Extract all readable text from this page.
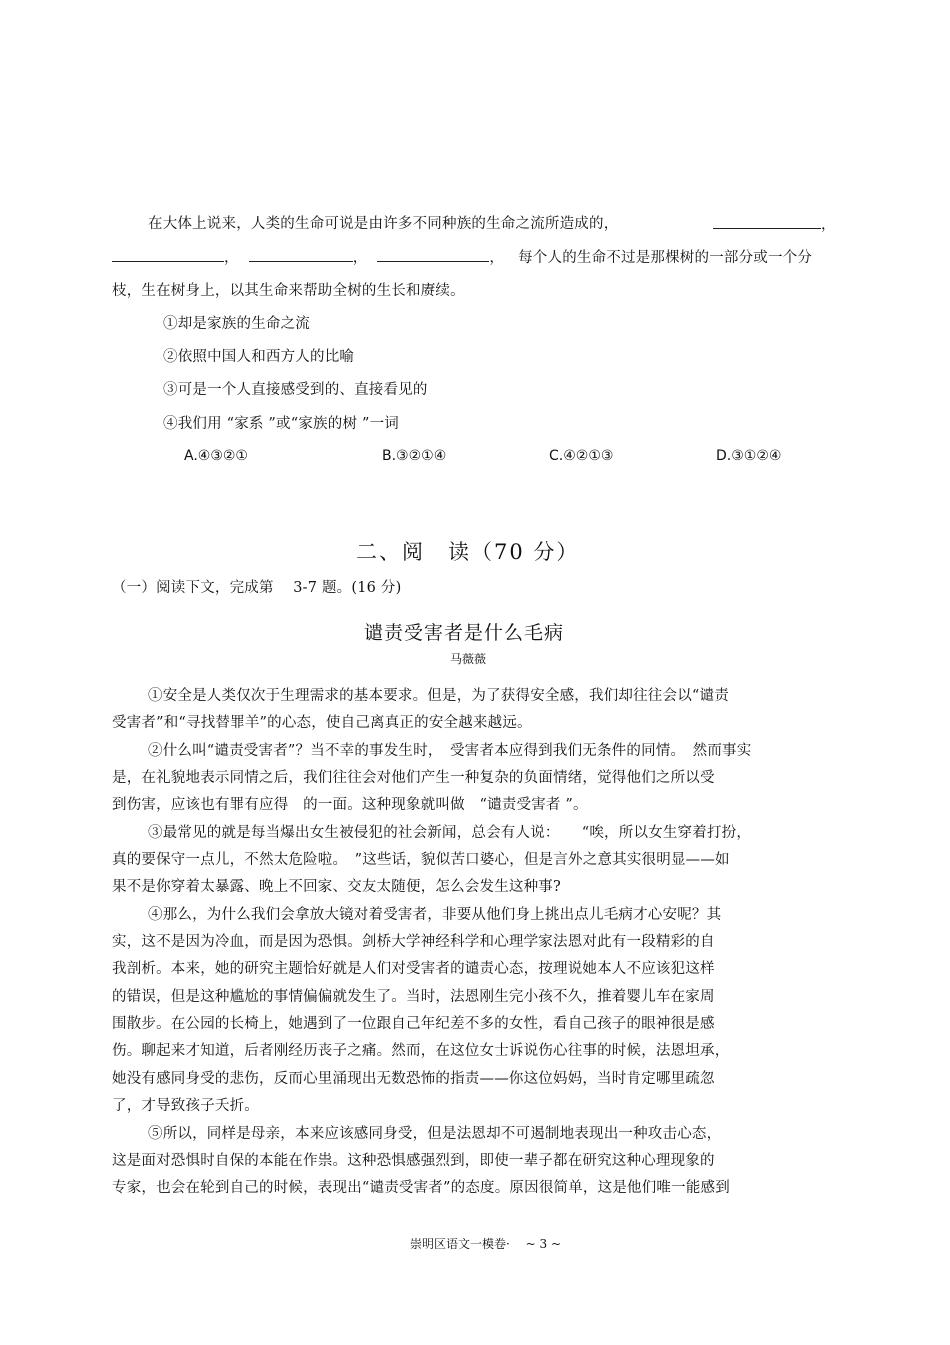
在大体上说来，人类的生命可说是由许多不同种族的生命之流所造成的，	，
，	，	， 每个人的生命不过是那棵树的一部分或一个分
枝，生在树身上，以其生命来帮助全树的生长和赓续。
①却是家族的生命之流
②依照中国人和西方人的比喻
③可是一个人直接感受到的、直接看见的
④我们用 “家系 ”或“家族的树 ”一词
A.④③②①	B.③②①④	C.④②①③	D.③①②④
二、阅　读（70 分）
（一）阅读下文，完成第　 3-7 题。(16 分)
谴责受害者是什么毛病
马薇薇
①安全是人类仅次于生理需求的基本要求。但是，为了获得安全感，我们却往往会以“谴责
受害者”和“寻找替罪羊”的心态，使自己离真正的安全越来越远。
②什么叫“谴责受害者”？当不幸的事发生时，　受害者本应得到我们无条件的同情。　然而事实
是，在礼貌地表示同情之后，我们往往会对他们产生一种复杂的负面情绪，觉得他们之所以受
到伤害，应该也有罪有应得　的一面。这种现象就叫做　“谴责受害者 ”。
③最常见的就是每当爆出女生被侵犯的社会新闻，总会有人说：　　“唉，所以女生穿着打扮，
真的要保守一点儿，不然太危险啦。　”这些话，貌似苦口婆心，但是言外之意其实很明显——如
果不是你穿着太暴露、晚上不回家、交友太随便，怎么会发生这种事?
④那么，为什么我们会拿放大镜对着受害者，非要从他们身上挑出点儿毛病才心安呢？其
实，这不是因为冷血，而是因为恐惧。剑桥大学神经科学和心理学家法恩对此有一段精彩的自
我剖析。本来，她的研究主题恰好就是人们对受害者的谴责心态，按理说她本人不应该犯这样
的错误，但是这种尴尬的事情偏偏就发生了。当时，法恩刚生完小孩不久，推着婴儿车在家周
围散步。在公园的长椅上，她遇到了一位跟自己年纪差不多的女性，看自己孩子的眼神很是感
伤。聊起来才知道，后者刚经历丧子之痛。然而，在这位女士诉说伤心往事的时候，法恩坦承，
她没有感同身受的悲伤，反而心里涌现出无数恐怖的指责——你这位妈妈，当时肯定哪里疏忽
了，才导致孩子夭折。
⑤所以，同样是母亲，本来应该感同身受，但是法恩却不可遏制地表现出一种攻击心态，
这是面对恐惧时自保的本能在作祟。这种恐惧感强烈到，即使一辈子都在研究这种心理现象的
专家，也会在轮到自己的时候，表现出“谴责受害者”的态度。原因很简单，这是他们唯一能感到
崇明区语文一模卷·　 ~ 3 ~
